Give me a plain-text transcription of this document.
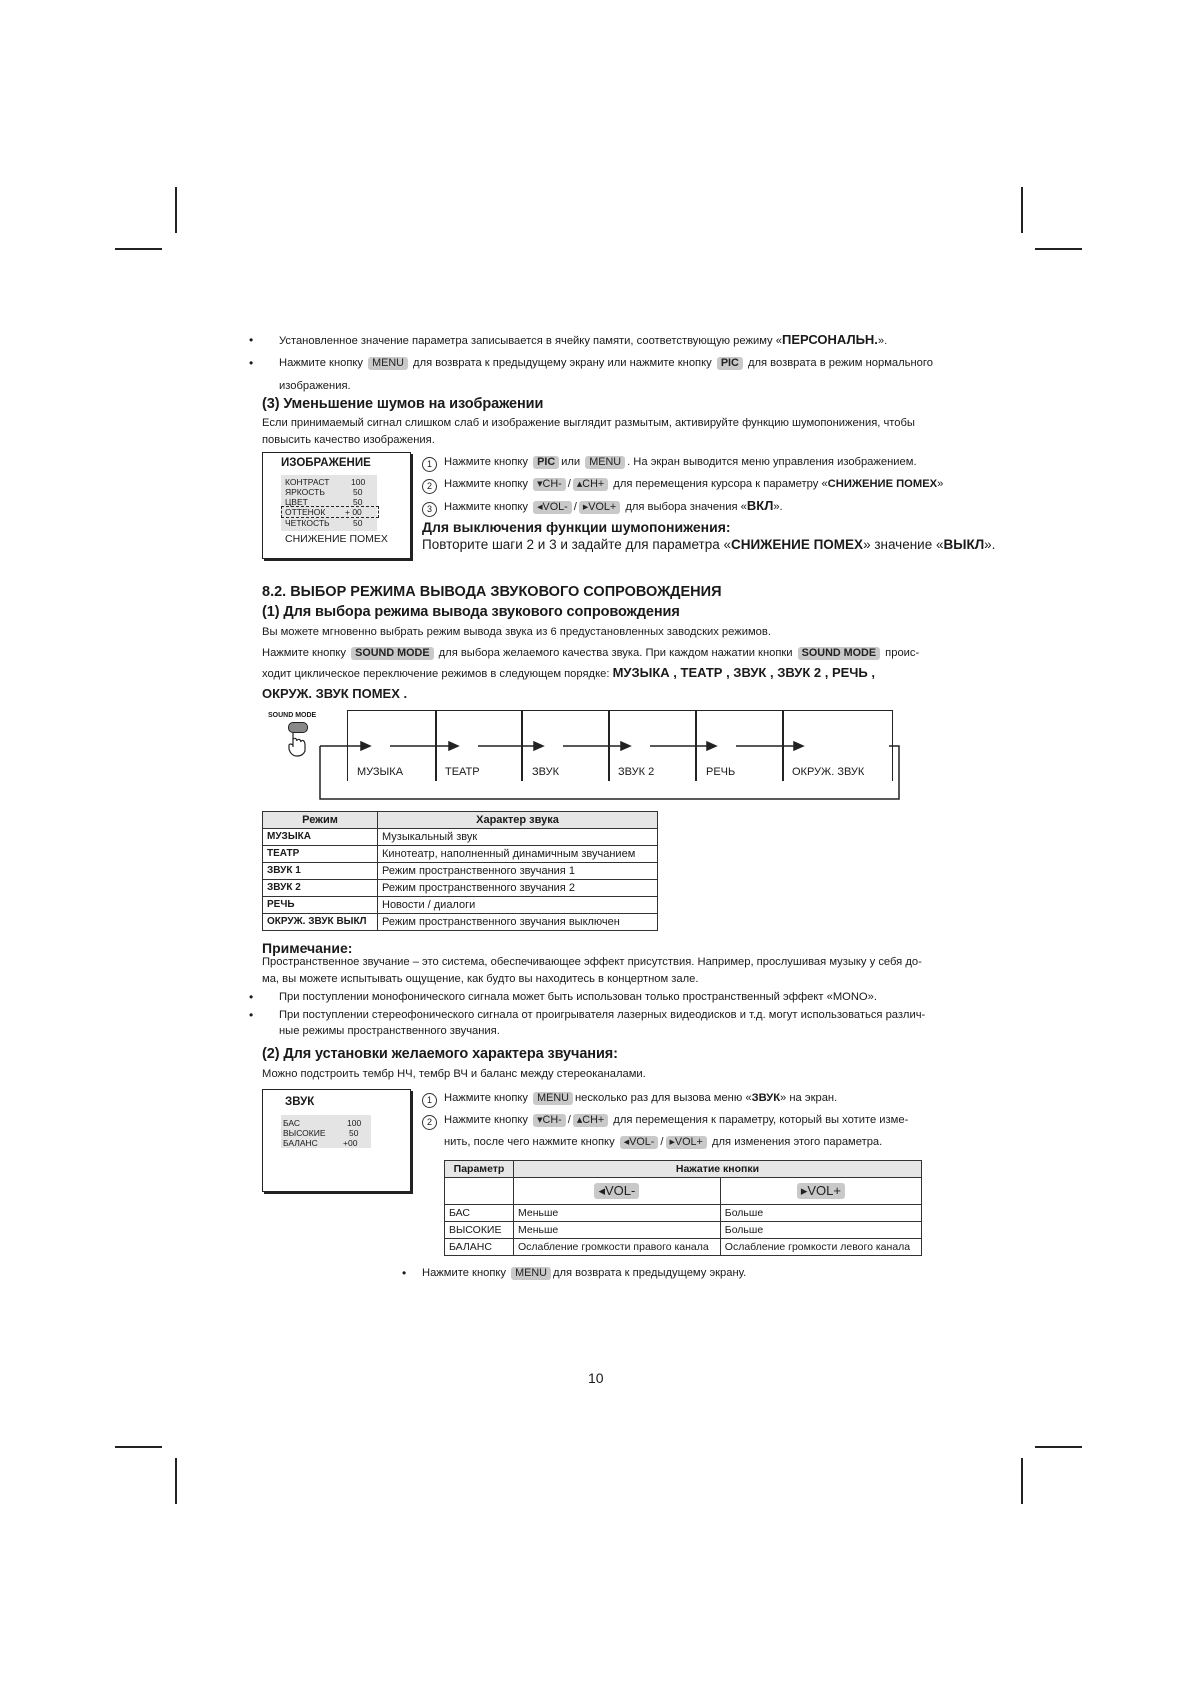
• Установленное значение параметра записывается в ячейку памяти, соответствующую режиму «ПЕРСОНАЛЬН.».
• Нажмите кнопку MENU для возврата к предыдущему экрану или нажмите кнопку PIC для возврата в режим нормального
изображения.
(3) Уменьшение шумов на изображении
Если принимаемый сигнал слишком слаб и изображение выглядит размытым, активируйте функцию шумопонижения, чтобы
повысить качество изображения.
ИЗОБРАЖЕНИЕ
КОНТРАСТ	100
ЯРКОСТЬ	50
ЦВЕТ	50
ОТТЕНОК + 00
ЧЕТКОСТЬ	50
СНИЖЕНИЕ ПОМЕХ
1 Нажмите кнопку PIC или MENU . На экран выводится меню управления изображением.
2 Нажмите кнопку ▾CH- / ▴CH+ для перемещения курсора к параметру «СНИЖЕНИЕ ПОМЕХ»
3 Нажмите кнопку ◂VOL- / ▸VOL+ для выбора значения «ВКЛ».
Для выключения функции шумопонижения:
Повторите шаги 2 и 3 и задайте для параметра «СНИЖЕНИЕ ПОМЕХ» значение «ВЫКЛ».
8.2. ВЫБОР РЕЖИМА ВЫВОДА ЗВУКОВОГО СОПРОВОЖДЕНИЯ
(1) Для выбора режима вывода звукового сопровождения
Вы можете мгновенно выбрать режим вывода звука из 6 предустановленных заводских режимов.
Нажмите кнопку SOUND MODE для выбора желаемого качества звука. При каждом нажатии кнопки SOUND MODE проис-
ходит циклическое переключение режимов в следующем порядке: МУЗЫКА , ТЕАТР , ЗВУК , ЗВУК 2 , РЕЧЬ ,
ОКРУЖ. ЗВУК ПОМЕХ .
SOUND MODE
МУЗЫКА	ТЕАТР	ЗВУК	ЗВУК 2	РЕЧЬ	ОКРУЖ. ЗВУК
Режим	Характер звука
МУЗЫКА	Музыкальный звук
ТЕАТР	Кинотеатр, наполненный динамичным звучанием
ЗВУК 1	Режим пространственного звучания 1
ЗВУК 2	Режим пространственного звучания 2
РЕЧЬ	Новости / диалоги
ОКРУЖ. ЗВУК ВЫКЛ	Режим пространственного звучания выключен
Примечание:
Пространственное звучание – это система, обеспечивающее эффект присутствия. Например, прослушивая музыку у себя до-
ма, вы можете испытывать ощущение, как будто вы находитесь в концертном зале.
• При поступлении монофонического сигнала может быть использован только пространственный эффект «MONO».
• При поступлении стереофонического сигнала от проигрывателя лазерных видеодисков и т.д. могут использоваться различ-
ные режимы пространственного звучания.
(2) Для установки желаемого характера звучания:
Можно подстроить тембр НЧ, тембр ВЧ и баланс между стереоканалами.
ЗВУК
БАС	100
ВЫСОКИЕ	50
БАЛАНС	+00
1 Нажмите кнопку MENU несколько раз для вызова меню «ЗВУК» на экран.
2 Нажмите кнопку ▾CH- / ▴CH+ для перемещения к параметру, который вы хотите изме-
нить, после чего нажмите кнопку ◂VOL- / ▸VOL+ для изменения этого параметра.
Параметр	Нажатие кнопки	
	◂VOL-	▸VOL+
БАС	Меньше	Больше
ВЫСОКИЕ	Меньше	Больше
БАЛАНС	Ослабление громкости правого канала	Ослабление громкости левого канала
• Нажмите кнопку MENU для возврата к предыдущему экрану.
10
